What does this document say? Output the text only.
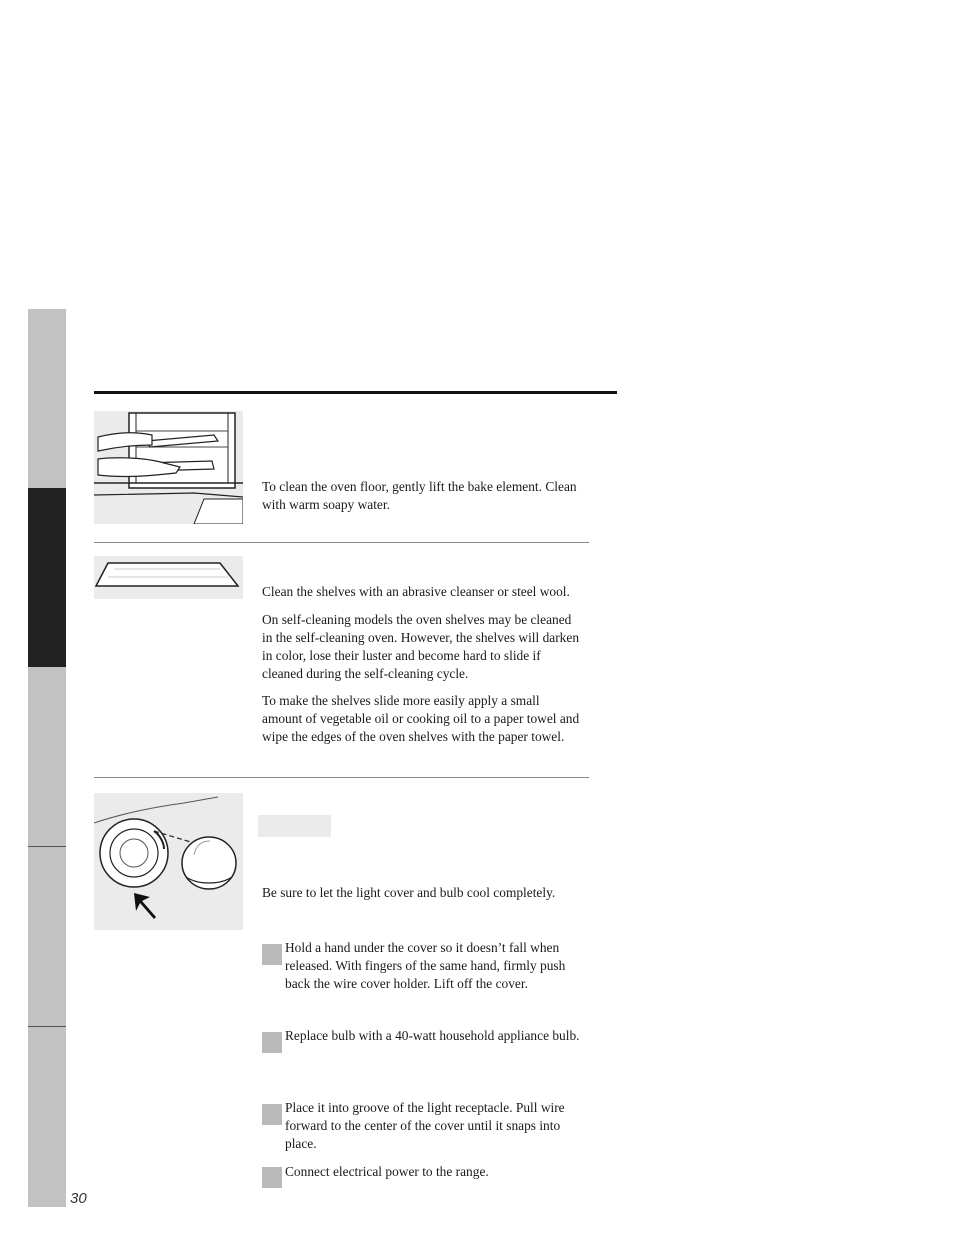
30

To clean the oven floor, gently lift the bake element. Clean with warm soapy water.

Clean the shelves with an abrasive cleanser or steel wool.

On self-cleaning models the oven shelves may be cleaned in the self-cleaning oven. However, the shelves will darken in color, lose their luster and become hard to slide if cleaned during the self-cleaning cycle.

To make the shelves slide more easily apply a small amount of vegetable oil or cooking oil to a paper towel and wipe the edges of the oven shelves with the paper towel.

Be sure to let the light cover and bulb cool completely.

Hold a hand under the cover so it doesn’t fall when released. With fingers of the same hand, firmly push back the wire cover holder. Lift off the cover.

Replace bulb with a 40-watt household appliance bulb.

Place it into groove of the light receptacle. Pull wire forward to the center of the cover until it snaps into place.

Connect electrical power to the range.
